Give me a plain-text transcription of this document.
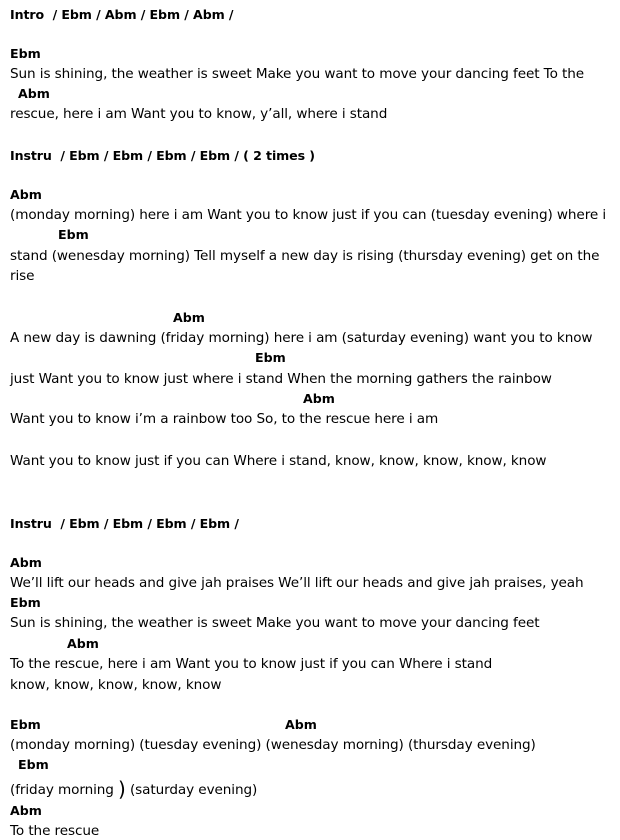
Intro  / Ebm / Abm / Ebm / Abm /
Ebm
Sun is shining, the weather is sweet Make you want to move your dancing feet To the
Abm
rescue, here i am Want you to know, y’all, where i stand
Instru  / Ebm / Ebm / Ebm / Ebm / ( 2 times )
Abm
(monday morning) here i am Want you to know just if you can (tuesday evening) where i
Ebm
stand (wenesday morning) Tell myself a new day is rising (thursday evening) get on the
rise
Abm
A new day is dawning (friday morning) here i am (saturday evening) want you to know
Ebm
just Want you to know just where i stand When the morning gathers the rainbow
Abm
Want you to know i’m a rainbow too So, to the rescue here i am
Want you to know just if you can Where i stand, know, know, know, know, know
Instru  / Ebm / Ebm / Ebm / Ebm /
Abm
We’ll lift our heads and give jah praises We’ll lift our heads and give jah praises, yeah
Ebm
Sun is shining, the weather is sweet Make you want to move your dancing feet
Abm
To the rescue, here i am Want you to know just if you can Where i stand
know, know, know, know, know
Ebm	Abm
(monday morning) (tuesday evening) (wenesday morning) (thursday evening)
Ebm
(friday morning ) (saturday evening)
Abm
To the rescue
